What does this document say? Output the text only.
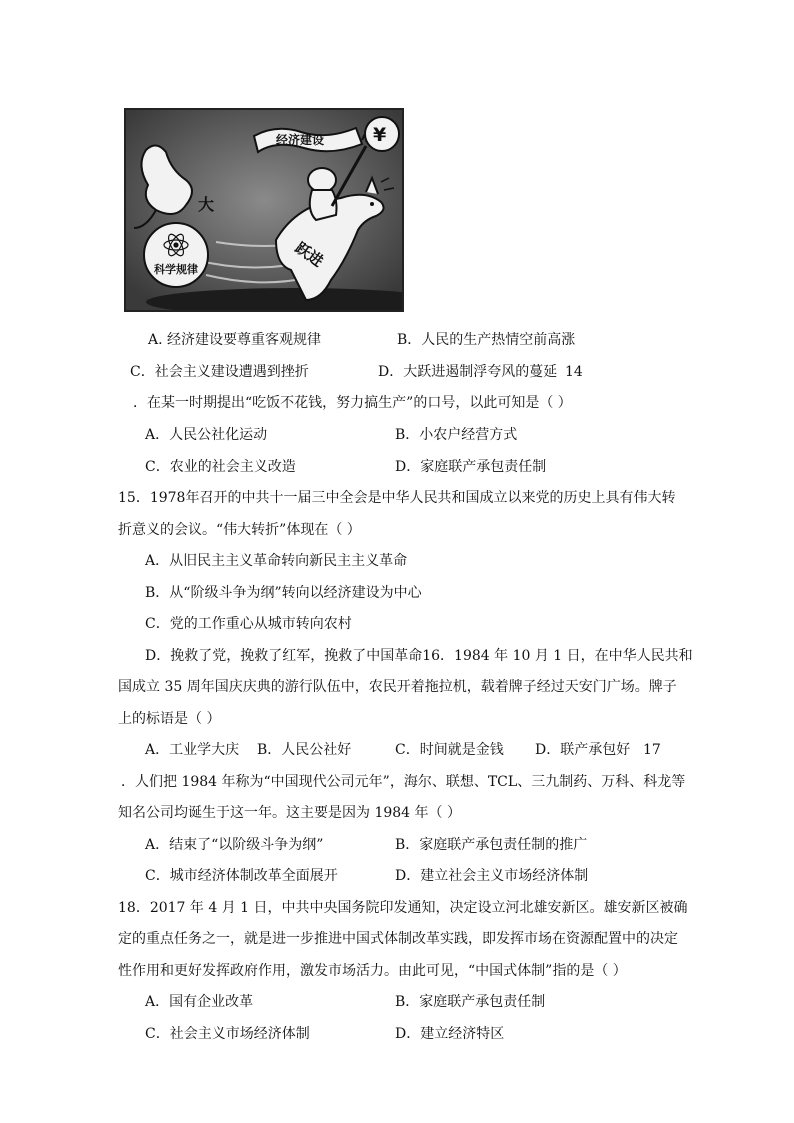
大
科学规律	跃进
经济建设	¥
A. 经济建设要尊重客观规律	B．人民的生产热情空前高涨
C．社会主义建设遭遇到挫折	D．大跃进遏制浮夸风的蔓延 14
．在某一时期提出“吃饭不花钱，努力搞生产”的口号，以此可知是（ ）
A．人民公社化运动	B．小农户经营方式
C．农业的社会主义改造	D．家庭联产承包责任制
15．1978年召开的中共十一届三中全会是中华人民共和国成立以来党的历史上具有伟大转
折意义的会议。“伟大转折”体现在（ ）
A．从旧民主主义革命转向新民主主义革命
B．从“阶级斗争为纲”转向以经济建设为中心
C．党的工作重心从城市转向农村
D．挽救了党，挽救了红军，挽救了中国革命16．1984 年 10 月 1 日，在中华人民共和
国成立 35 周年国庆庆典的游行队伍中，农民开着拖拉机，载着牌子经过天安门广场。牌子
上的标语是（ ）
A．工业学大庆 B．人民公社好	C．时间就是金钱 D．联产承包好 17
．人们把 1984 年称为“中国现代公司元年”，海尔、联想、TCL、三九制药、万科、科龙等
知名公司均诞生于这一年。这主要是因为 1984 年（ ）
A．结束了“以阶级斗争为纲”	B．家庭联产承包责任制的推广
C．城市经济体制改革全面展开	D．建立社会主义市场经济体制
18．2017 年 4 月 1 日，中共中央国务院印发通知，决定设立河北雄安新区。雄安新区被确
定的重点任务之一，就是进一步推进中国式体制改革实践，即发挥市场在资源配置中的决定
性作用和更好发挥政府作用，激发市场活力。由此可见，“中国式体制”指的是（ ）
A．国有企业改革	B．家庭联产承包责任制
C．社会主义市场经济体制	D．建立经济特区
